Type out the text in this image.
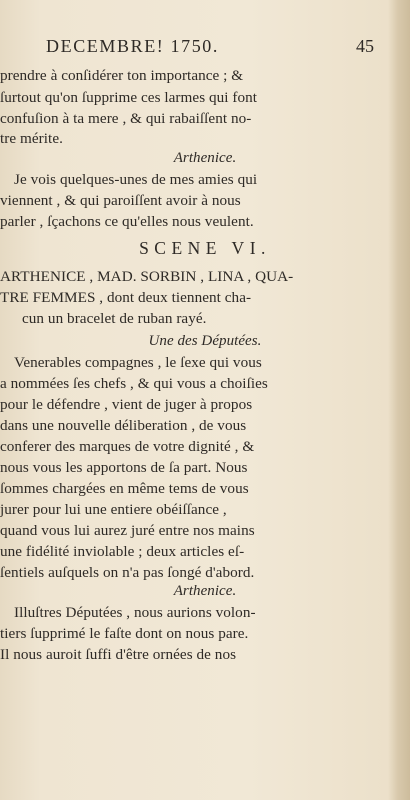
DECEMBRE! 1750.	45
prendre à conſidérer ton importance ; &
ſurtout qu'on ſupprime ces larmes qui font
confuſion à ta mere , & qui rabaiſſent no-
tre mérite.
Arthenice.
Je vois quelques-unes de mes amies qui
viennent , & qui paroiſſent avoir à nous
parler , ſçachons ce qu'elles nous veulent.
SCENE VI.
ARTHENICE , MAD. SORBIN , LINA , QUA-
TRE FEMMES , dont deux tiennent cha-
cun un bracelet de ruban rayé.
Une des Députées.
Venerables compagnes , le ſexe qui vous
a nommées ſes chefs , & qui vous a choiſies
pour le défendre , vient de juger à propos
dans une nouvelle déliberation , de vous
conferer des marques de votre dignité , &
nous vous les apportons de ſa part. Nous
ſommes chargées en même tems de vous
jurer pour lui une entiere obéiſſance ,
quand vous lui aurez juré entre nos mains
une fidélité inviolable ; deux articles eſ-
ſentiels auſquels on n'a pas ſongé d'abord.
Arthenice.
Illuſtres Députées , nous aurions volon-
tiers ſupprimé le faſte dont on nous pare.
Il nous auroit ſuffi d'être ornées de nos
